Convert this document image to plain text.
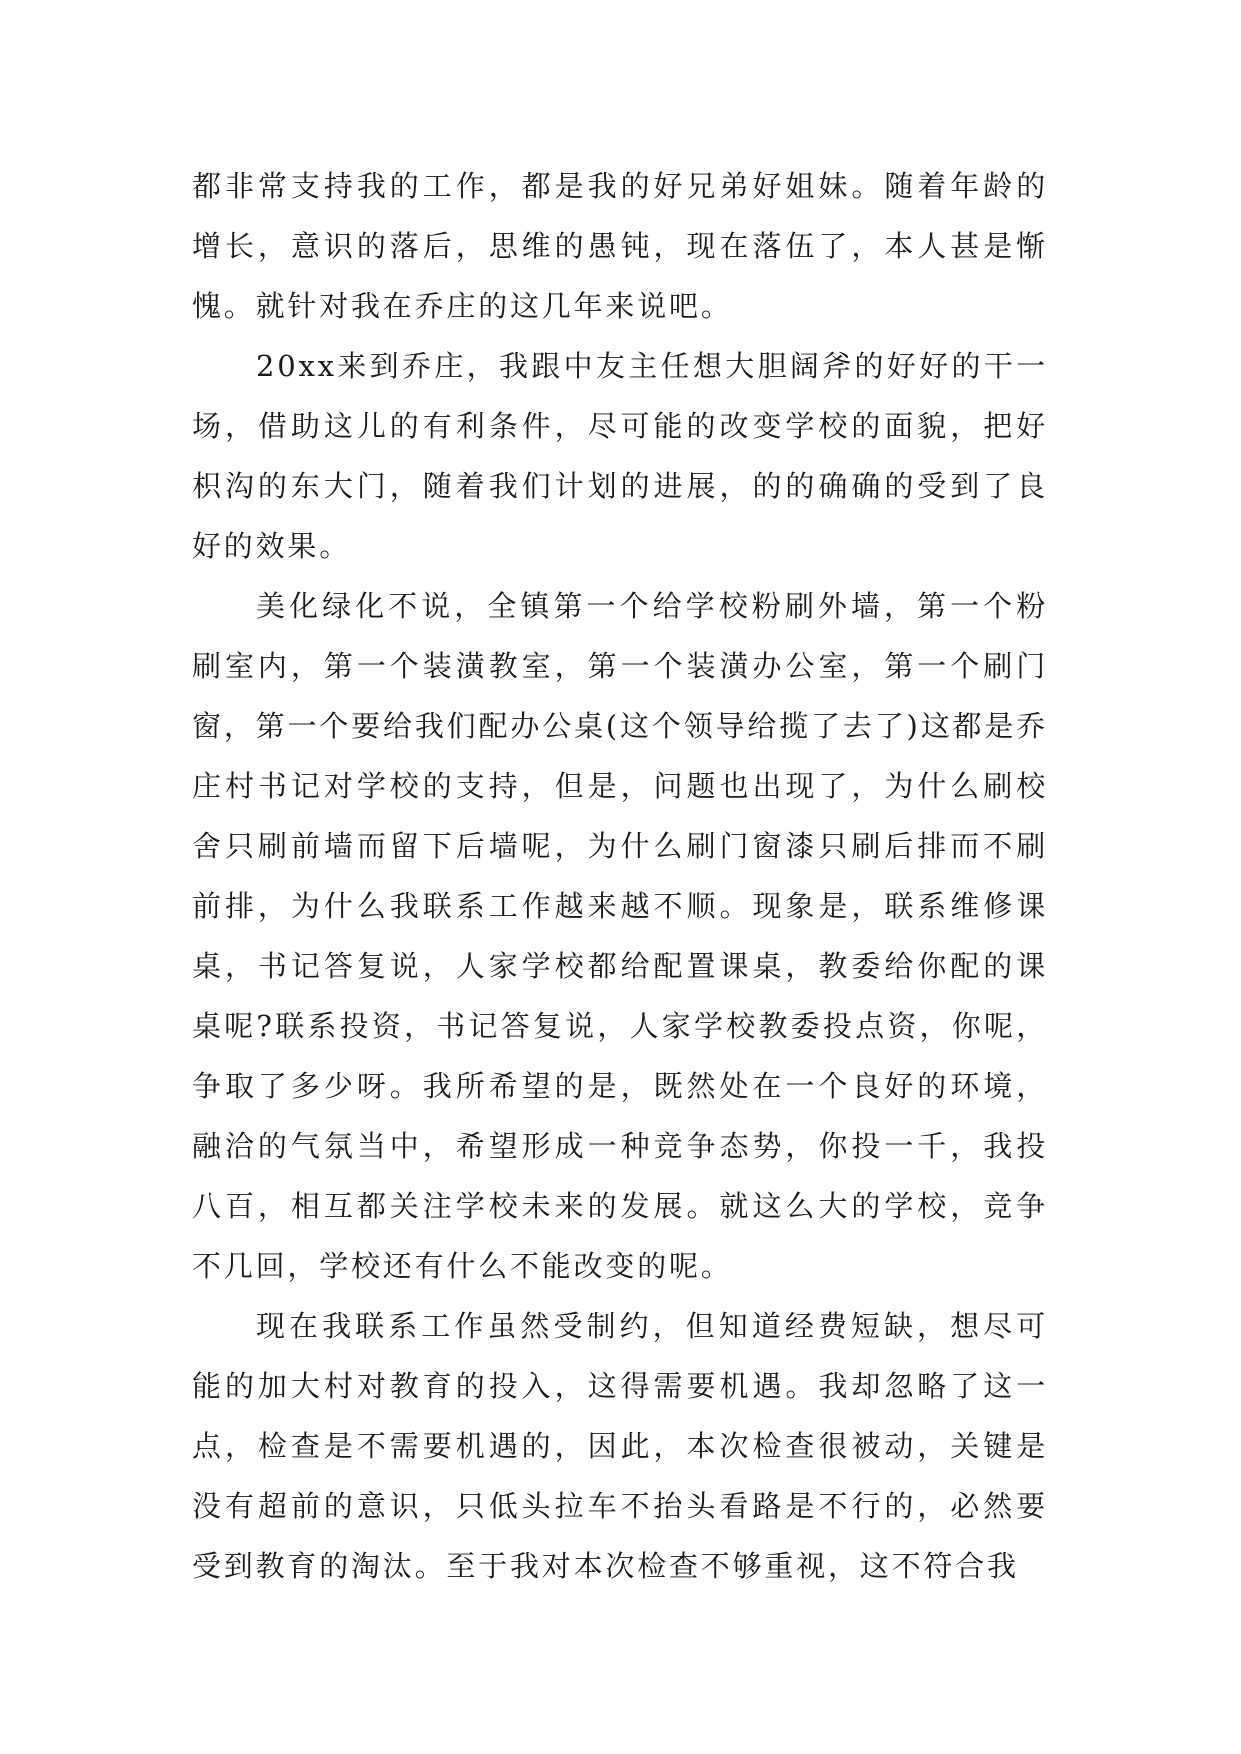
都非常支持我的工作，都是我的好兄弟好姐妹。随着年龄的增长，意识的落后，思维的愚钝，现在落伍了，本人甚是惭愧。就针对我在乔庄的这几年来说吧。

20xx来到乔庄，我跟中友主任想大胆阔斧的好好的干一场，借助这儿的有利条件，尽可能的改变学校的面貌，把好枳沟的东大门，随着我们计划的进展，的的确确的受到了良好的效果。

美化绿化不说，全镇第一个给学校粉刷外墙，第一个粉刷室内，第一个装潢教室，第一个装潢办公室，第一个刷门窗，第一个要给我们配办公桌(这个领导给揽了去了)这都是乔庄村书记对学校的支持，但是，问题也出现了，为什么刷校舍只刷前墙而留下后墙呢，为什么刷门窗漆只刷后排而不刷前排，为什么我联系工作越来越不顺。现象是，联系维修课桌，书记答复说，人家学校都给配置课桌，教委给你配的课桌呢?联系投资，书记答复说，人家学校教委投点资，你呢，争取了多少呀。我所希望的是，既然处在一个良好的环境，融洽的气氛当中，希望形成一种竞争态势，你投一千，我投八百，相互都关注学校未来的发展。就这么大的学校，竞争不几回，学校还有什么不能改变的呢。

现在我联系工作虽然受制约，但知道经费短缺，想尽可能的加大村对教育的投入，这得需要机遇。我却忽略了这一点，检查是不需要机遇的，因此，本次检查很被动，关键是没有超前的意识，只低头拉车不抬头看路是不行的，必然要受到教育的淘汰。至于我对本次检查不够重视，这不符合我
